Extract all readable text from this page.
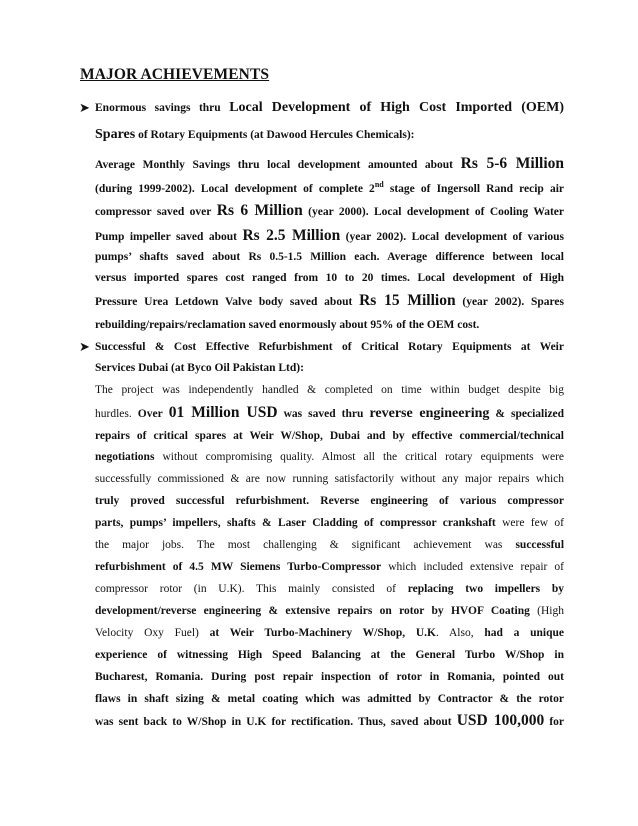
MAJOR ACHIEVEMENTS
➤ Enormous savings thru Local Development of High Cost Imported (OEM)
Spares of Rotary Equipments (at Dawood Hercules Chemicals):
Average Monthly Savings thru local development amounted about Rs 5-6 Million
(during 1999-2002). Local development of complete 2nd stage of Ingersoll Rand recip air
compressor saved over Rs 6 Million (year 2000). Local development of Cooling Water
Pump impeller saved about Rs 2.5 Million (year 2002). Local development of various
pumps’ shafts saved about Rs 0.5-1.5 Million each. Average difference between local
versus imported spares cost ranged from 10 to 20 times. Local development of High
Pressure Urea Letdown Valve body saved about Rs 15 Million (year 2002). Spares
rebuilding/repairs/reclamation saved enormously about 95% of the OEM cost.
➤ Successful & Cost Effective Refurbishment of Critical Rotary Equipments at Weir
Services Dubai (at Byco Oil Pakistan Ltd):
The project was independently handled & completed on time within budget despite big
hurdles. Over 01 Million USD was saved thru reverse engineering & specialized
repairs of critical spares at Weir W/Shop, Dubai and by effective commercial/technical
negotiations without compromising quality. Almost all the critical rotary equipments were
successfully commissioned & are now running satisfactorily without any major repairs which
truly proved successful refurbishment. Reverse engineering of various compressor
parts, pumps’ impellers, shafts & Laser Cladding of compressor crankshaft were few of
the major jobs. The most challenging & significant achievement was successful
refurbishment of 4.5 MW Siemens Turbo-Compressor which included extensive repair of
compressor rotor (in U.K). This mainly consisted of replacing two impellers by
development/reverse engineering & extensive repairs on rotor by HVOF Coating (High
Velocity Oxy Fuel) at Weir Turbo-Machinery W/Shop, U.K. Also, had a unique
experience of witnessing High Speed Balancing at the General Turbo W/Shop in
Bucharest, Romania. During post repair inspection of rotor in Romania, pointed out
flaws in shaft sizing & metal coating which was admitted by Contractor & the rotor
was sent back to W/Shop in U.K for rectification. Thus, saved about USD 100,000 for
